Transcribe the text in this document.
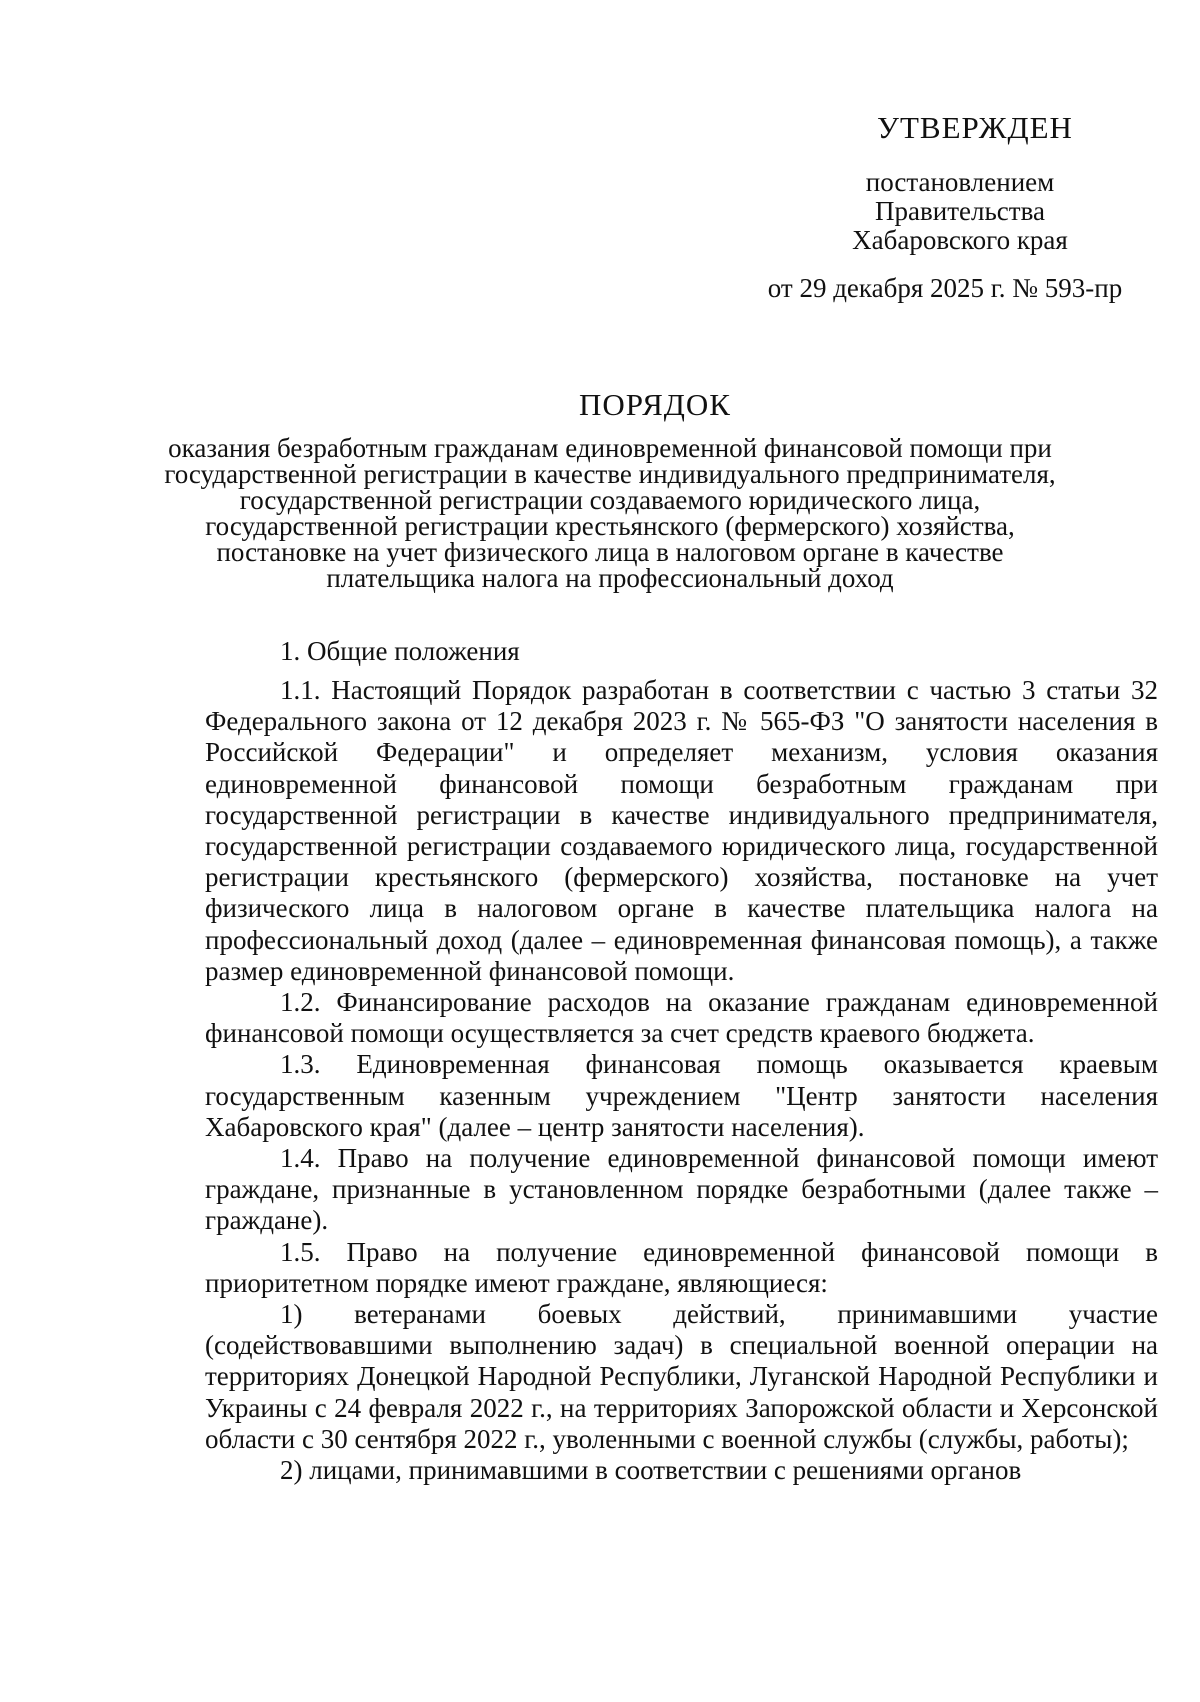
УТВЕРЖДЕН
постановлением
Правительства
Хабаровского края
от 29 декабря 2025 г. № 593-пр
ПОРЯДОК
оказания безработным гражданам единовременной финансовой помощи при
государственной регистрации в качестве индивидуального предпринимателя,
государственной регистрации создаваемого юридического лица,
государственной регистрации крестьянского (фермерского) хозяйства,
постановке на учет физического лица в налоговом органе в качестве
плательщика налога на профессиональный доход

1. Общие положения

1.1. Настоящий Порядок разработан в соответствии с частью 3 статьи 32 Федерального закона от 12 декабря 2023 г. № 565-ФЗ "О занятости населения в Российской Федерации" и определяет механизм, условия оказания единовременной финансовой помощи безработным гражданам при государственной регистрации в качестве индивидуального предпринимателя, государственной регистрации создаваемого юридического лица, государственной регистрации крестьянского (фермерского) хозяйства, постановке на учет физического лица в налоговом органе в качестве плательщика налога на профессиональный доход (далее – единовременная финансовая помощь), а также размер единовременной финансовой помощи.

1.2. Финансирование расходов на оказание гражданам единовременной финансовой помощи осуществляется за счет средств краевого бюджета.

1.3. Единовременная финансовая помощь оказывается краевым государственным казенным учреждением "Центр занятости населения Хабаровского края" (далее – центр занятости населения).

1.4. Право на получение единовременной финансовой помощи имеют граждане, признанные в установленном порядке безработными (далее также – граждане).

1.5. Право на получение единовременной финансовой помощи в приоритетном порядке имеют граждане, являющиеся:

1) ветеранами боевых действий, принимавшими участие (содействовавшими выполнению задач) в специальной военной операции на территориях Донецкой Народной Республики, Луганской Народной Республики и Украины с 24 февраля 2022 г., на территориях Запорожской области и Херсонской области с 30 сентября 2022 г., уволенными с военной службы (службы, работы);

2) лицами, принимавшими в соответствии с решениями органов
